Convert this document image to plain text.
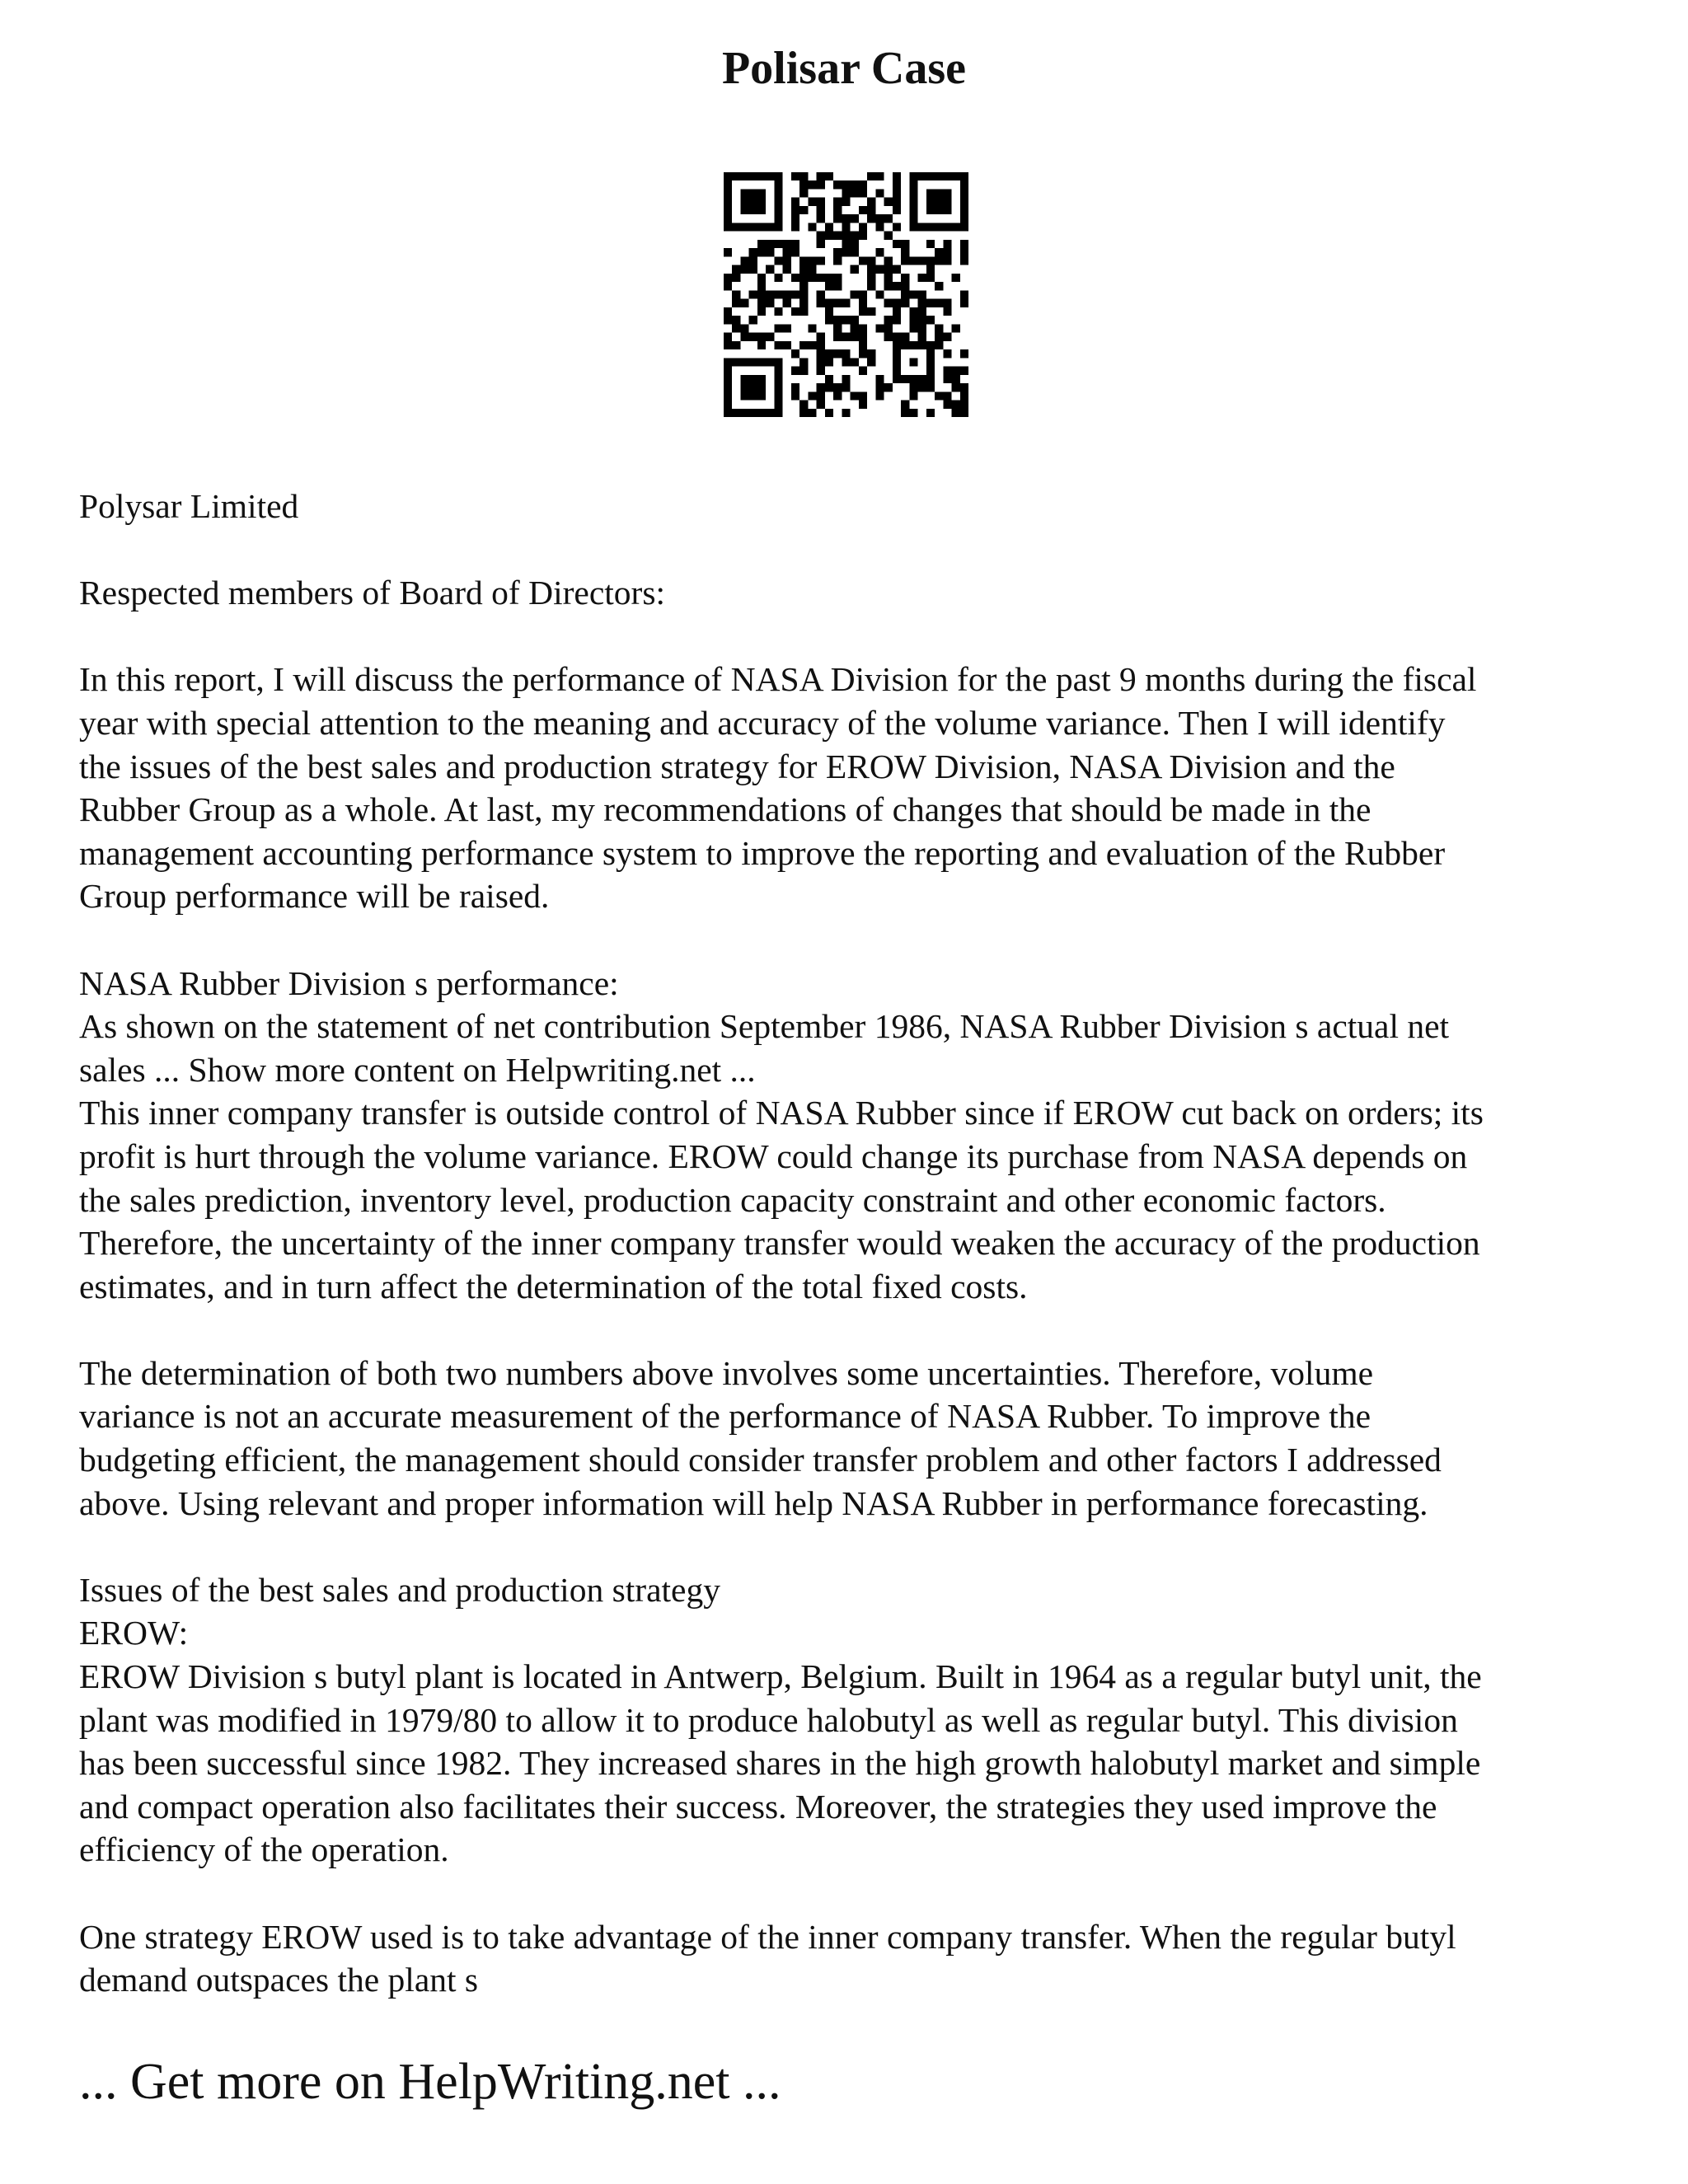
Polisar Case
Polysar Limited
Respected members of Board of Directors:
In this report, I will discuss the performance of NASA Division for the past 9 months during the fiscal
year with special attention to the meaning and accuracy of the volume variance. Then I will identify
the issues of the best sales and production strategy for EROW Division, NASA Division and the
Rubber Group as a whole. At last, my recommendations of changes that should be made in the
management accounting performance system to improve the reporting and evaluation of the Rubber
Group performance will be raised.
NASA Rubber Division s performance:
As shown on the statement of net contribution September 1986, NASA Rubber Division s actual net
sales ... Show more content on Helpwriting.net ...
This inner company transfer is outside control of NASA Rubber since if EROW cut back on orders; its
profit is hurt through the volume variance. EROW could change its purchase from NASA depends on
the sales prediction, inventory level, production capacity constraint and other economic factors.
Therefore, the uncertainty of the inner company transfer would weaken the accuracy of the production
estimates, and in turn affect the determination of the total fixed costs.
The determination of both two numbers above involves some uncertainties. Therefore, volume
variance is not an accurate measurement of the performance of NASA Rubber. To improve the
budgeting efficient, the management should consider transfer problem and other factors I addressed
above. Using relevant and proper information will help NASA Rubber in performance forecasting.
Issues of the best sales and production strategy
EROW:
EROW Division s butyl plant is located in Antwerp, Belgium. Built in 1964 as a regular butyl unit, the
plant was modified in 1979/80 to allow it to produce halobutyl as well as regular butyl. This division
has been successful since 1982. They increased shares in the high growth halobutyl market and simple
and compact operation also facilitates their success. Moreover, the strategies they used improve the
efficiency of the operation.
One strategy EROW used is to take advantage of the inner company transfer. When the regular butyl
demand outspaces the plant s
... Get more on HelpWriting.net ...
